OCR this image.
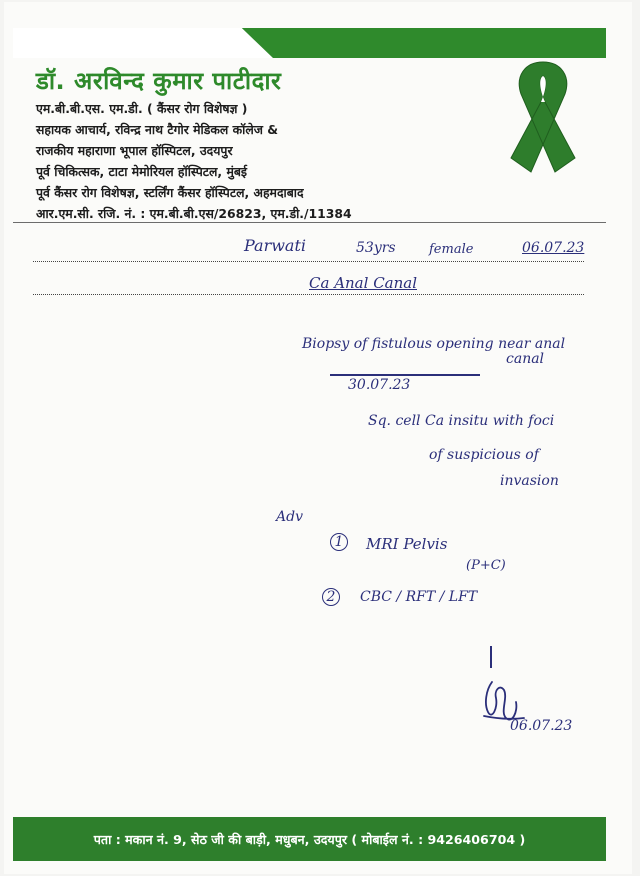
डॉ. अरविन्द कुमार पाटीदार

एम.बी.बी.एस. एम.डी. ( कैंसर रोग विशेषज्ञ )

सहायक आचार्य, रविन्द्र नाथ टैगोर मेडिकल कॉलेज &

राजकीय महाराणा भूपाल हॉस्पिटल, उदयपुर

पूर्व चिकित्सक, टाटा मेमोरियल हॉस्पिटल, मुंबई

पूर्व कैंसर रोग विशेषज्ञ, स्टर्लिंग कैंसर हॉस्पिटल, अहमदाबाद

आर.एम.सी. रजि. नं. : एम.बी.बी.एस/26823, एम.डी./11384

Parwati	53yrs	female	06.07.23

Ca Anal Canal

Biopsy of fistulous opening near anal

canal

30.07.23

Sq. cell Ca insitu with foci

of suspicious of

invasion

Adv

1	MRI Pelvis

(P+C)

2	CBC / RFT / LFT

06.07.23

पता : मकान नं. 9, सेठ जी की बाड़ी, मधुबन, उदयपुर ( मोबाईल नं. : 9426406704 )
